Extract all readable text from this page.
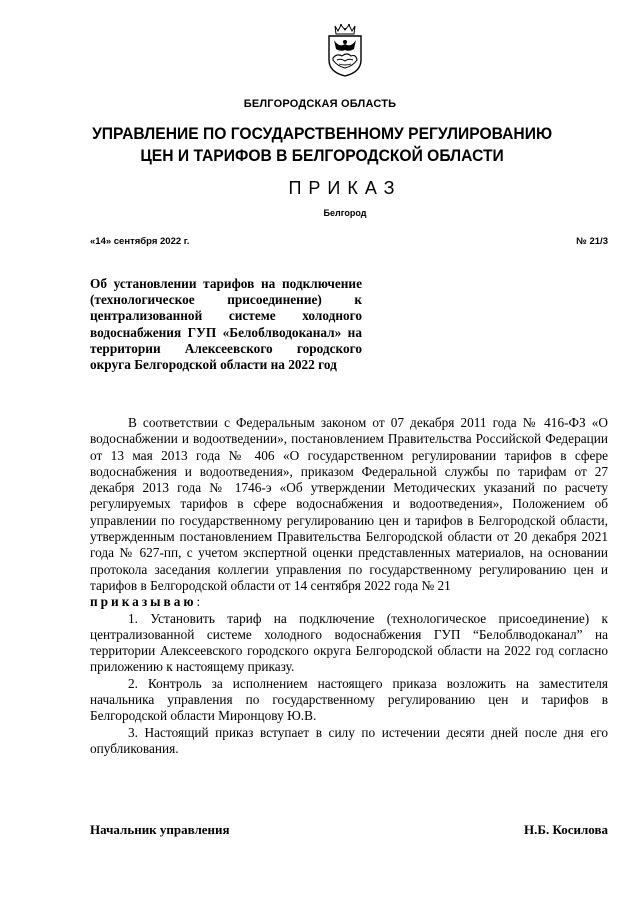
БЕЛГОРОДСКАЯ ОБЛАСТЬ
УПРАВЛЕНИЕ ПО ГОСУДАРСТВЕННОМУ РЕГУЛИРОВАНИЮ
ЦЕН И ТАРИФОВ В БЕЛГОРОДСКОЙ ОБЛАСТИ
ПРИКАЗ
Белгород
«14» сентября 2022 г.	№ 21/3
Об установлении тарифов на подключение (технологическое присоединение) к централизованной системе холодного водоснабжения ГУП «Белоблводоканал» на территории Алексеевского городского округа Белгородской области на 2022 год

В соответствии с Федеральным законом от 07 декабря 2011 года № 416-ФЗ «О водоснабжении и водоотведении», постановлением Правительства Российской Федерации от 13 мая 2013 года № 406 «О государственном регулировании тарифов в сфере водоснабжения и водоотведения», приказом Федеральной службы по тарифам от 27 декабря 2013 года № 1746-э «Об утверждении Методических указаний по расчету регулируемых тарифов в сфере водоснабжения и водоотведения», Положением об управлении по государственному регулированию цен и тарифов в Белгородской области, утвержденным постановлением Правительства Белгородской области от 20 декабря 2021 года № 627-пп, с учетом экспертной оценки представленных материалов, на основании протокола заседания коллегии управления по государственному регулированию цен и тарифов в Белгородской области от 14 сентября 2022 года № 21

приказываю:

1. Установить тариф на подключение (технологическое присоединение) к централизованной системе холодного водоснабжения ГУП “Белоблводоканал” на территории Алексеевского городского округа Белгородской области на 2022 год согласно приложению к настоящему приказу.

2. Контроль за исполнением настоящего приказа возложить на заместителя начальника управления по государственному регулированию цен и тарифов в Белгородской области Миронцову Ю.В.

3. Настоящий приказ вступает в силу по истечении десяти дней после дня его опубликования.

Начальник управления	Н.Б. Косилова
